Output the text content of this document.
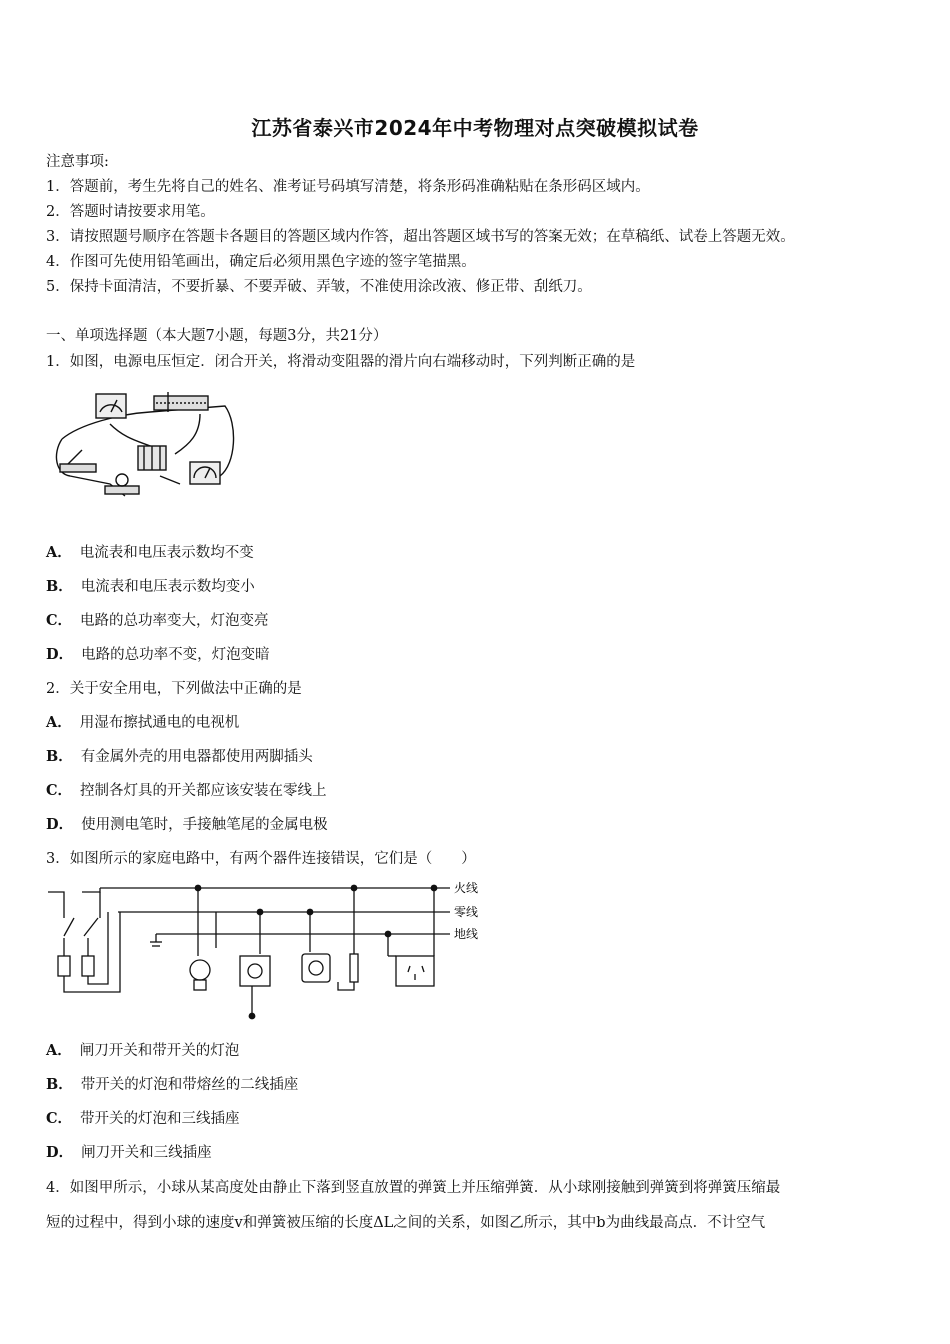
江苏省泰兴市2024年中考物理对点突破模拟试卷
注意事项:
1．答题前，考生先将自己的姓名、准考证号码填写清楚，将条形码准确粘贴在条形码区域内。
2．答题时请按要求用笔。
3．请按照题号顺序在答题卡各题目的答题区域内作答，超出答题区域书写的答案无效；在草稿纸、试卷上答题无效。
4．作图可先使用铅笔画出，确定后必须用黑色字迹的签字笔描黑。
5．保持卡面清洁，不要折暴、不要弄破、弄皱，不准使用涂改液、修正带、刮纸刀。
一、单项选择题（本大题7小题，每题3分，共21分）
1．如图，电源电压恒定．闭合开关，将滑动变阻器的滑片向右端移动时，下列判断正确的是
A． 电流表和电压表示数均不变
B． 电流表和电压表示数均变小
C． 电路的总功率变大，灯泡变亮
D． 电路的总功率不变，灯泡变暗
2．关于安全用电，下列做法中正确的是
A． 用湿布擦拭通电的电视机
B． 有金属外壳的用电器都使用两脚插头
C． 控制各灯具的开关都应该安装在零线上
D． 使用测电笔时，手接触笔尾的金属电极
3．如图所示的家庭电路中，有两个器件连接错误，它们是（　　）
火线
零线
地线
A． 闸刀开关和带开关的灯泡
B． 带开关的灯泡和带熔丝的二线插座
C． 带开关的灯泡和三线插座
D． 闸刀开关和三线插座
4．如图甲所示，小球从某高度处由静止下落到竖直放置的弹簧上并压缩弹簧．从小球刚接触到弹簧到将弹簧压缩最
短的过程中，得到小球的速度v和弹簧被压缩的长度ΔL之间的关系，如图乙所示，其中b为曲线最高点．不计空气
